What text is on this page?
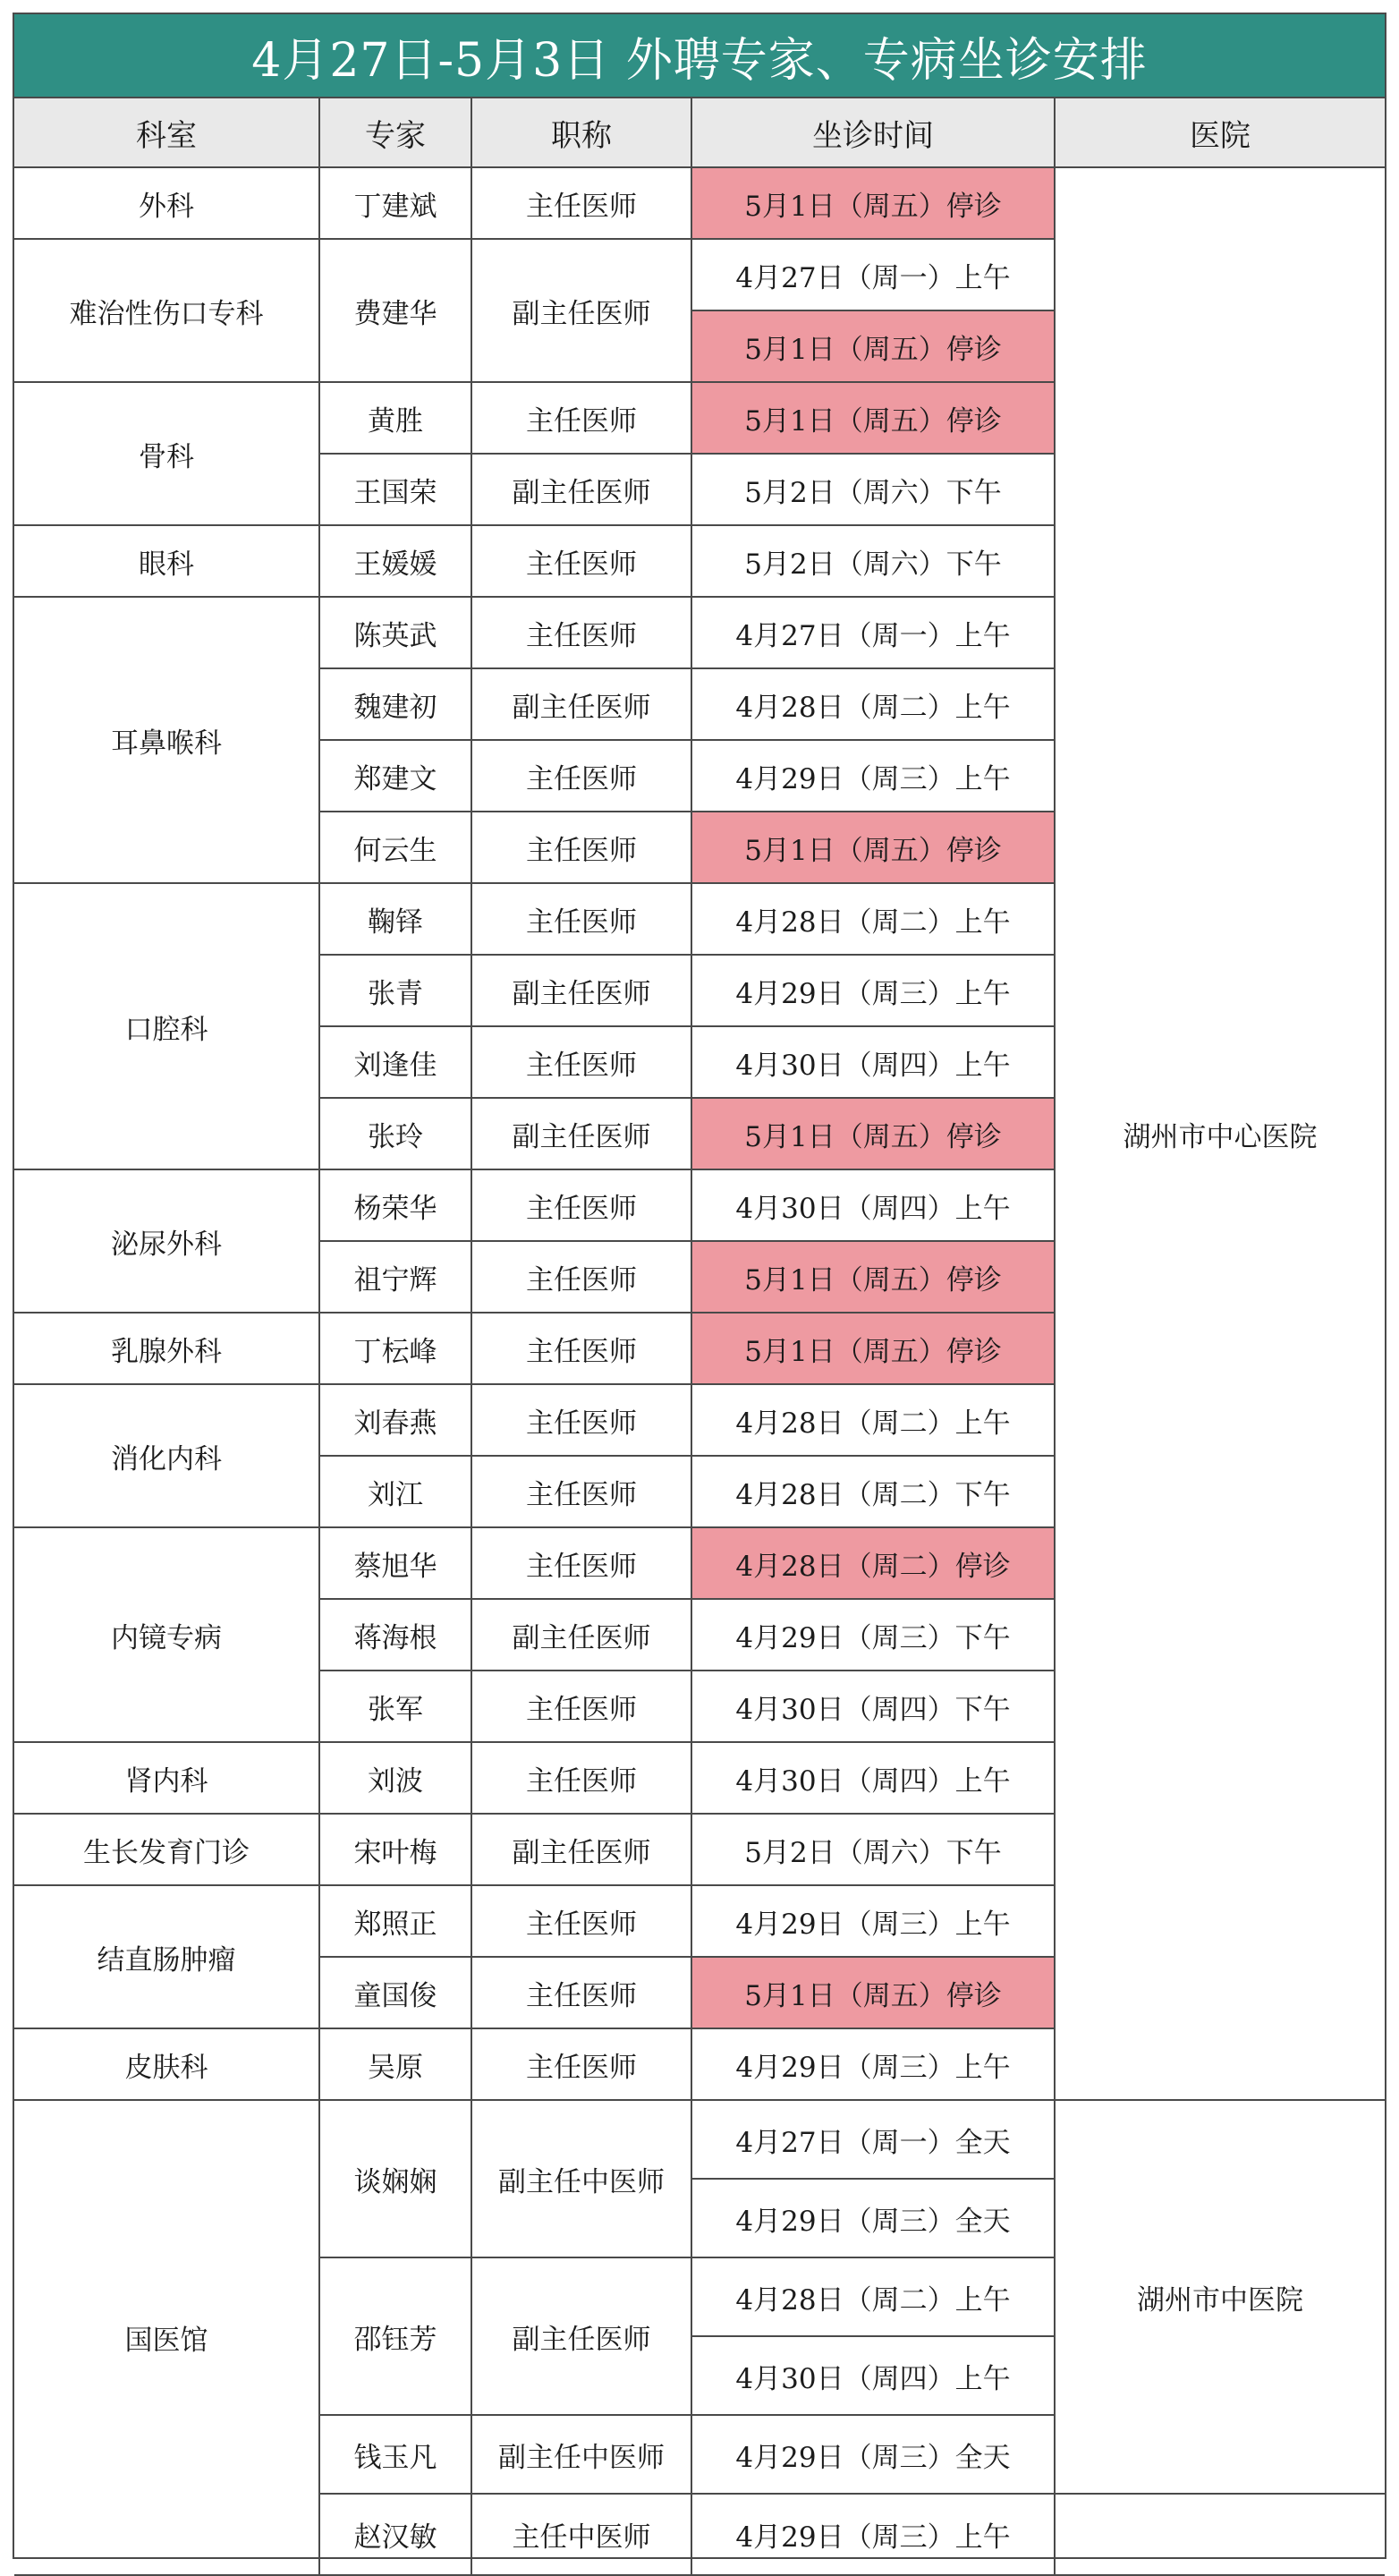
4月27日-5月3日 外聘专家、专病坐诊安排
科室	专家	职称	坐诊时间	医院
外科	丁建斌	主任医师	5月1日（周五）停诊	湖州市中心医院
难治性伤口专科	费建华	副主任医师	4月27日（周一）上午	
			5月1日（周五）停诊	
骨科	黄胜	主任医师	5月1日（周五）停诊	
	王国荣	副主任医师	5月2日（周六）下午	
眼科	王媛媛	主任医师	5月2日（周六）下午	
耳鼻喉科	陈英武	主任医师	4月27日（周一）上午	
	魏建初	副主任医师	4月28日（周二）上午	
	郑建文	主任医师	4月29日（周三）上午	
	何云生	主任医师	5月1日（周五）停诊	
口腔科	鞠铎	主任医师	4月28日（周二）上午	
	张青	副主任医师	4月29日（周三）上午	
	刘逢佳	主任医师	4月30日（周四）上午	
	张玲	副主任医师	5月1日（周五）停诊	
泌尿外科	杨荣华	主任医师	4月30日（周四）上午	
	祖宁辉	主任医师	5月1日（周五）停诊	
乳腺外科	丁枟峰	主任医师	5月1日（周五）停诊	
消化内科	刘春燕	主任医师	4月28日（周二）上午	
	刘江	主任医师	4月28日（周二）下午	
内镜专病	蔡旭华	主任医师	4月28日（周二）停诊	
	蒋海根	副主任医师	4月29日（周三）下午	
	张军	主任医师	4月30日（周四）下午	
肾内科	刘波	主任医师	4月30日（周四）上午	
生长发育门诊	宋叶梅	副主任医师	5月2日（周六）下午	
结直肠肿瘤	郑照正	主任医师	4月29日（周三）上午	
	童国俊	主任医师	5月1日（周五）停诊	
皮肤科	吴原	主任医师	4月29日（周三）上午	
国医馆	谈娴娴	副主任中医师	4月27日（周一）全天	湖州市中医院
			4月29日（周三）全天	
	邵钰芳	副主任医师	4月28日（周二）上午	
			4月30日（周四）上午	
	钱玉凡	副主任中医师	4月29日（周三）全天	
	赵汉敏	主任中医师	4月29日（周三）上午	
